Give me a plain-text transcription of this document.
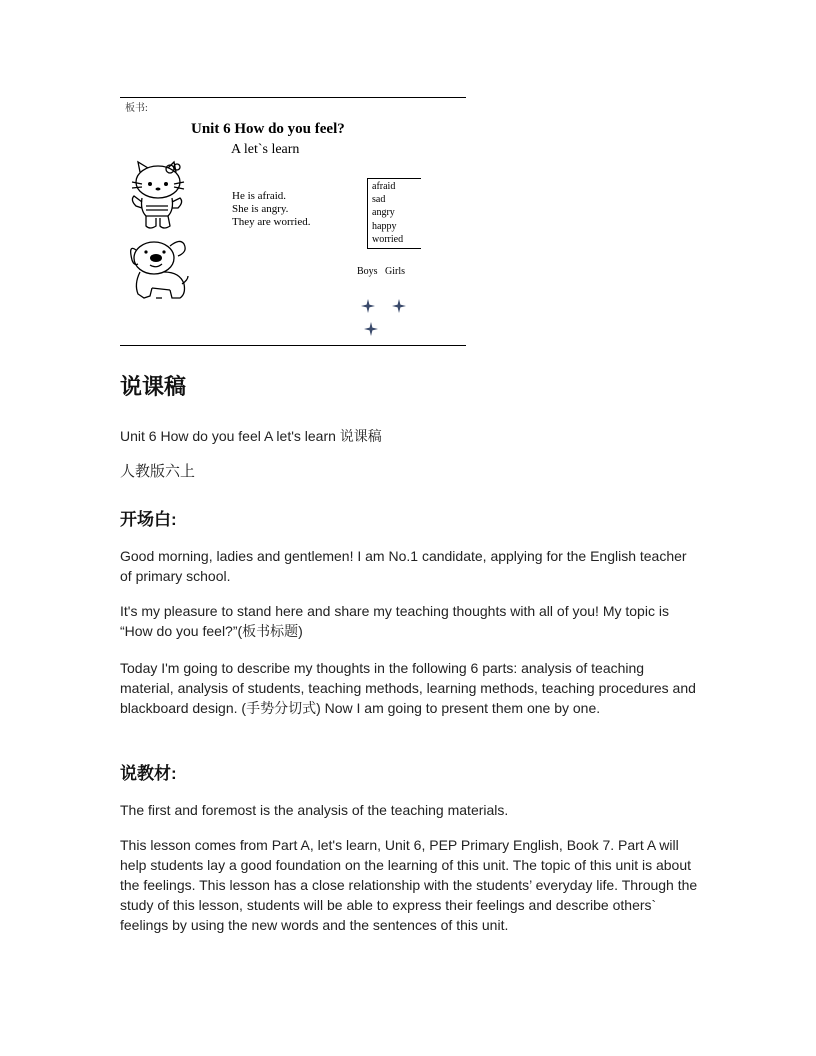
板书:
Unit 6 How do you feel?
A let`s learn
He is afraid.
She is angry.
They are worried.
afraid
sad
angry
happy
worried
Boys   Girls
说课稿

Unit 6 How do you feel A let's learn 说课稿

人教版六上

开场白:

Good morning, ladies and gentlemen! I am No.1 candidate, applying for the English teacher of primary school.

It's my pleasure to stand here and share my teaching thoughts with all of you! My topic is “How do you feel?”(板书标题)

Today I'm going to describe my thoughts in the following 6 parts: analysis of teaching material, analysis of students, teaching methods, learning methods, teaching procedures and blackboard design. (手势分切式) Now I am going to present them one by one.

说教材:

The first and foremost is the analysis of the teaching materials.

This lesson comes from Part A, let's learn, Unit 6, PEP Primary English, Book 7. Part A will help students lay a good foundation on the learning of this unit. The topic of this unit is about the feelings. This lesson has a close relationship with the students’ everyday life. Through the study of this lesson, students will be able to express their feelings and describe others` feelings by using the new words and the sentences of this unit.
